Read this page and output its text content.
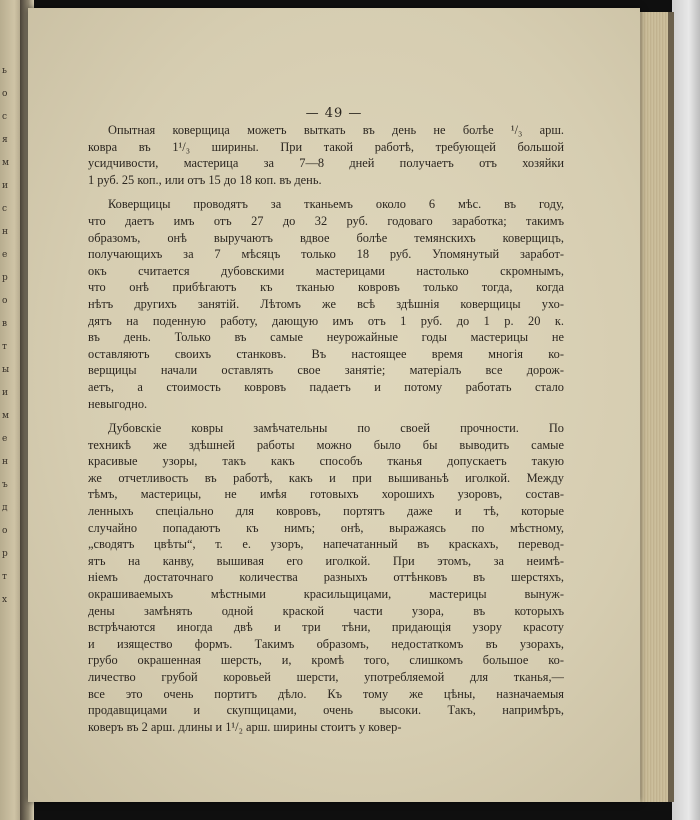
ь
о
c
я
м
и
с
н
е
р
о
в
т
ы
и
м
е
н
ъ
д
о
р
т
х
— 49 —
Опытная коверщица можетъ выткать въ день не болѣе ¹/₃ арш.
ковра въ 1¹/₃ ширины. При такой работѣ, требующей большой
усидчивости, мастерица за 7—8 дней получаетъ отъ хозяйки
1 руб. 25 коп., или отъ 15 до 18 коп. въ день.
Коверщицы проводятъ за тканьемъ около 6 мѣс. въ году,
что даетъ имъ отъ 27 до 32 руб. годоваго заработка; такимъ
образомъ, онѣ выручаютъ вдвое болѣе темянскихъ коверщицъ,
получающихъ за 7 мѣсяцъ только 18 руб. Упомянутый заработ-
окъ считается дубовскими мастерицами настолько скромнымъ,
что онѣ прибѣгаютъ къ тканью ковровъ только тогда, когда
нѣтъ другихъ занятій. Лѣтомъ же всѣ здѣшнія коверщицы ухо-
дятъ на поденную работу, дающую имъ отъ 1 руб. до 1 р. 20 к.
въ день. Только въ самые неурожайные годы мастерицы не
оставляютъ своихъ станковъ. Въ настоящее время многія ко-
верщицы начали оставлять свое занятіе; матеріалъ все дорож-
аетъ, а стоимость ковровъ падаетъ и потому работать стало
невыгодно.
Дубовскіе ковры замѣчательны по своей прочности. По
техникѣ же здѣшней работы можно было бы выводить самые
красивые узоры, такъ какъ способъ тканья допускаетъ такую
же отчетливость въ работѣ, какъ и при вышиваньѣ иголкой. Между
тѣмъ, мастерицы, не имѣя готовыхъ хорошихъ узоровъ, состав-
ленныхъ спеціально для ковровъ, портятъ даже и тѣ, которые
случайно попадаютъ къ нимъ; онѣ, выражаясь по мѣстному,
„сводятъ цвѣты“, т. е. узоръ, напечатанный въ краскахъ, перевод-
ятъ на канву, вышивая его иголкой. При этомъ, за неимѣ-
ніемъ достаточнаго количества разныхъ оттѣнковъ въ шерстяхъ,
окрашиваемыхъ мѣстными красильщицами, мастерицы вынуж-
дены замѣнять одной краской части узора, въ которыхъ
встрѣчаются иногда двѣ и три тѣни, придающія узору красоту
и изящество формъ. Такимъ образомъ, недостаткомъ въ узорахъ,
грубо окрашенная шерсть, и, кромѣ того, слишкомъ большое ко-
личество грубой коровьей шерсти, употребляемой для тканья,—
все это очень портитъ дѣло. Къ тому же цѣны, назначаемыя
продавщицами и скупщицами, очень высоки. Такъ, напримѣръ,
коверъ въ 2 арш. длины и 1¹/₂ арш. ширины стоитъ у ковер-
